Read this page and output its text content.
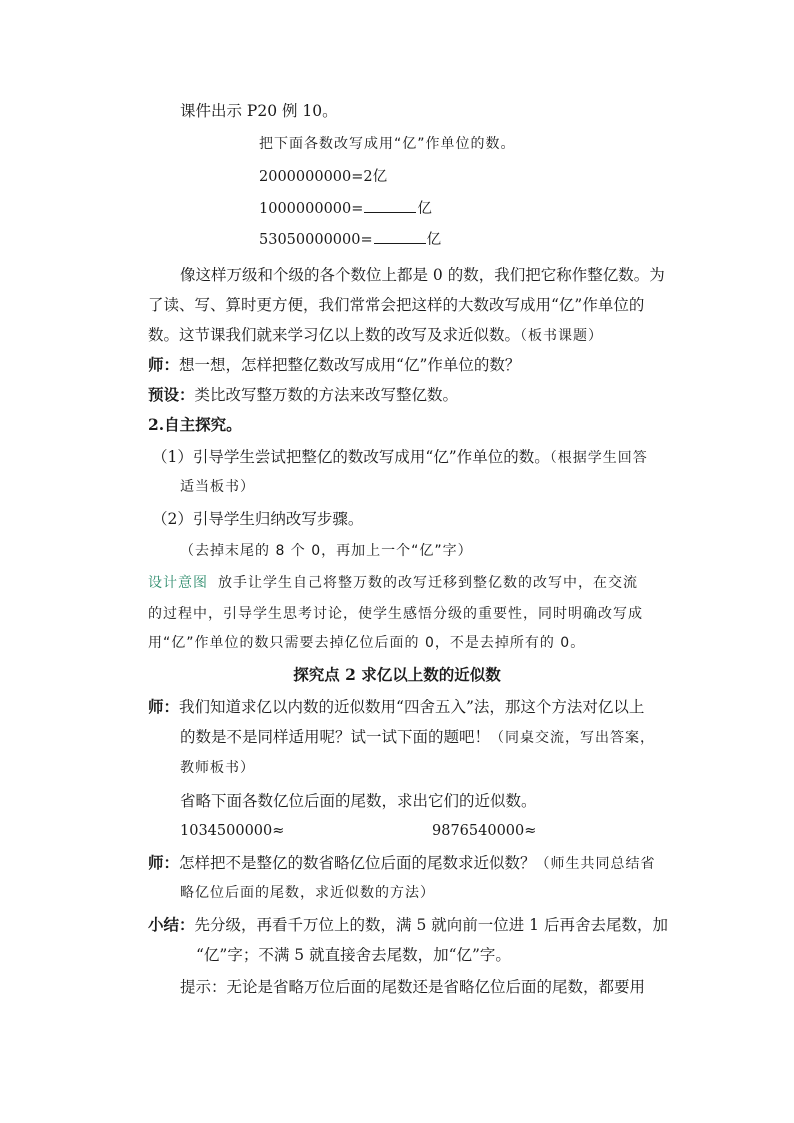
课件出示 P20 例 10。
把下面各数改写成用“亿”作单位的数。
2000000000=2亿
1000000000=	亿
53050000000=	亿
像这样万级和个级的各个数位上都是 0 的数，我们把它称作整亿数。为
了读、写、算时更方便，我们常常会把这样的大数改写成用“亿”作单位的
数。这节课我们就来学习亿以上数的改写及求近似数。（板书课题）
师：想一想，怎样把整亿数改写成用“亿”作单位的数？
预设：类比改写整万数的方法来改写整亿数。
2.自主探究。
（1）引导学生尝试把整亿的数改写成用“亿”作单位的数。（根据学生回答
适当板书）
（2）引导学生归纳改写步骤。
（去掉末尾的 8 个 0，再加上一个“亿”字）
设计意图 放手让学生自己将整万数的改写迁移到整亿数的改写中，在交流
的过程中，引导学生思考讨论，使学生感悟分级的重要性，同时明确改写成
用“亿”作单位的数只需要去掉亿位后面的 0，不是去掉所有的 0。
探究点 2 求亿以上数的近似数
师：我们知道求亿以内数的近似数用“四舍五入”法，那这个方法对亿以上
的数是不是同样适用呢？试一试下面的题吧！（同桌交流，写出答案，
教师板书）
省略下面各数亿位后面的尾数，求出它们的近似数。
1034500000≈	9876540000≈
师：怎样把不是整亿的数省略亿位后面的尾数求近似数？（师生共同总结省
略亿位后面的尾数，求近似数的方法）
小结：先分级，再看千万位上的数，满 5 就向前一位进 1 后再舍去尾数，加
“亿”字；不满 5 就直接舍去尾数，加“亿”字。
提示：无论是省略万位后面的尾数还是省略亿位后面的尾数，都要用
